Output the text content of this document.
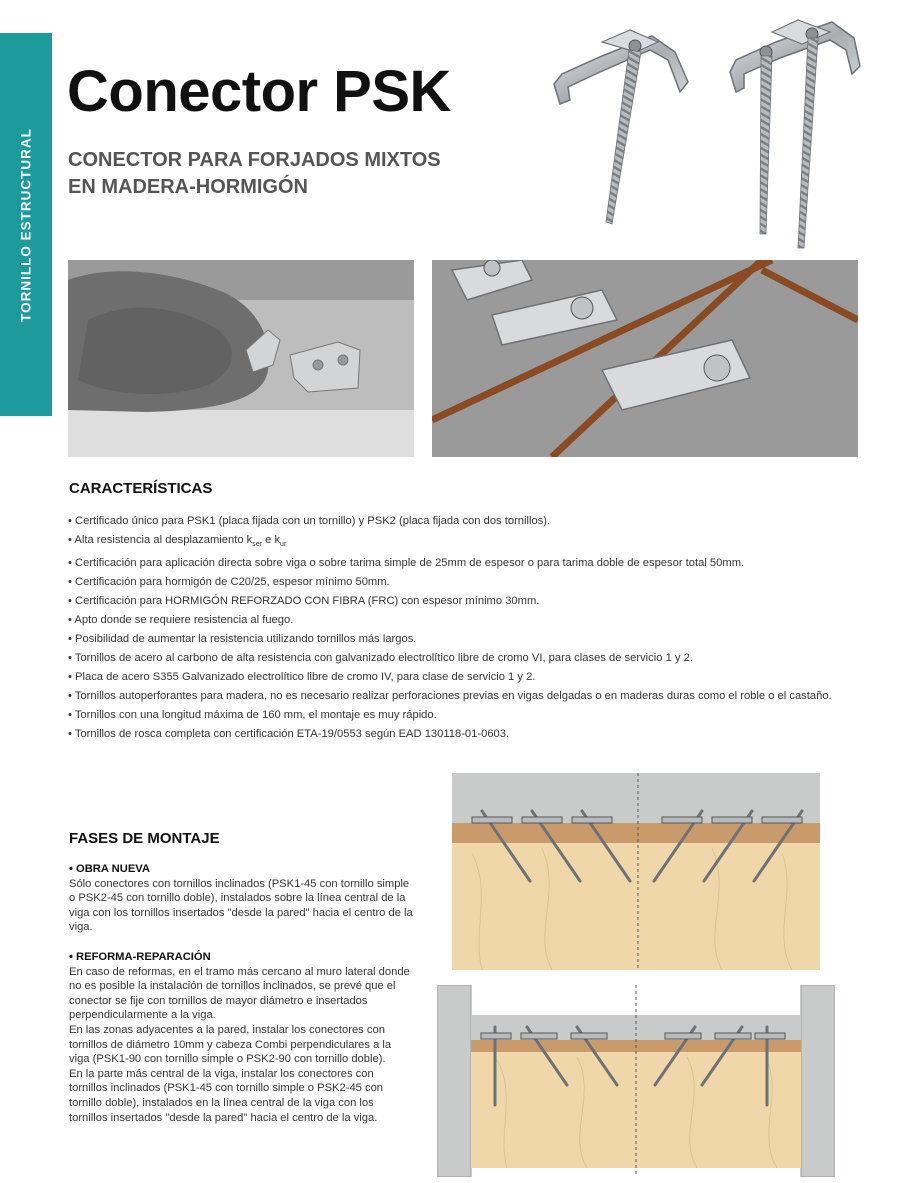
TORNILLO ESTRUCTURAL
Conector PSK
CONECTOR PARA FORJADOS MIXTOS
EN MADERA-HORMIGÓN
CARACTERÍSTICAS
• Certificado único para PSK1 (placa fijada con un tornillo) y PSK2 (placa fijada con dos tornillos).
• Alta resistencia al desplazamiento $k_{ser}$ e $k_{ur}$
• Certificación para aplicación directa sobre viga o sobre tarima simple de 25mm de espesor o para tarima doble de espesor total 50mm.
• Certificación para hormigón de C20/25, espesor mínimo 50mm.
• Certificación para HORMIGÓN REFORZADO CON FIBRA (FRC) con espesor mínimo 30mm.
• Apto donde se requiere resistencia al fuego.
• Posibilidad de aumentar la resistencia utilizando tornillos más largos.
• Tornillos de acero al carbono de alta resistencia con galvanizado electrolítico libre de cromo VI, para clases de servicio 1 y 2.
• Placa de acero S355 Galvanizado electrolítico libre de cromo IV, para clase de servicio 1 y 2.
• Tornillos autoperforantes para madera, no es necesario realizar perforaciones previas en vigas delgadas o en maderas duras como el roble o el castaño.
• Tornillos con una longitud máxima de 160 mm, el montaje es muy rápido.
• Tornillos de rosca completa con certificación ETA-19/0553 según EAD 130118-01-0603.
FASES DE MONTAJE
• OBRA NUEVA

Sólo conectores con tornillos inclinados (PSK1-45 con tornillo simple o PSK2-45 con tornillo doble), instalados sobre la línea central de la viga con los tornillos insertados "desde la pared" hacia el centro de la viga.

• REFORMA-REPARACIÓN

En caso de reformas, en el tramo más cercano al muro lateral donde no es posible la instalación de tornillos inclinados, se prevé que el conector se fije con tornillos de mayor diámetro e insertados perpendicularmente a la viga.

En las zonas adyacentes a la pared, instalar los conectores con tornillos de diámetro 10mm y cabeza Combi perpendiculares a la viga (PSK1-90 con tornillo simple o PSK2-90 con tornillo doble).

En la parte más central de la viga, instalar los conectores con tornillos inclinados (PSK1-45 con tornillo simple o PSK2-45 con tornillo doble), instalados en la línea central de la viga con los tornillos insertados "desde la pared" hacia el centro de la viga.
